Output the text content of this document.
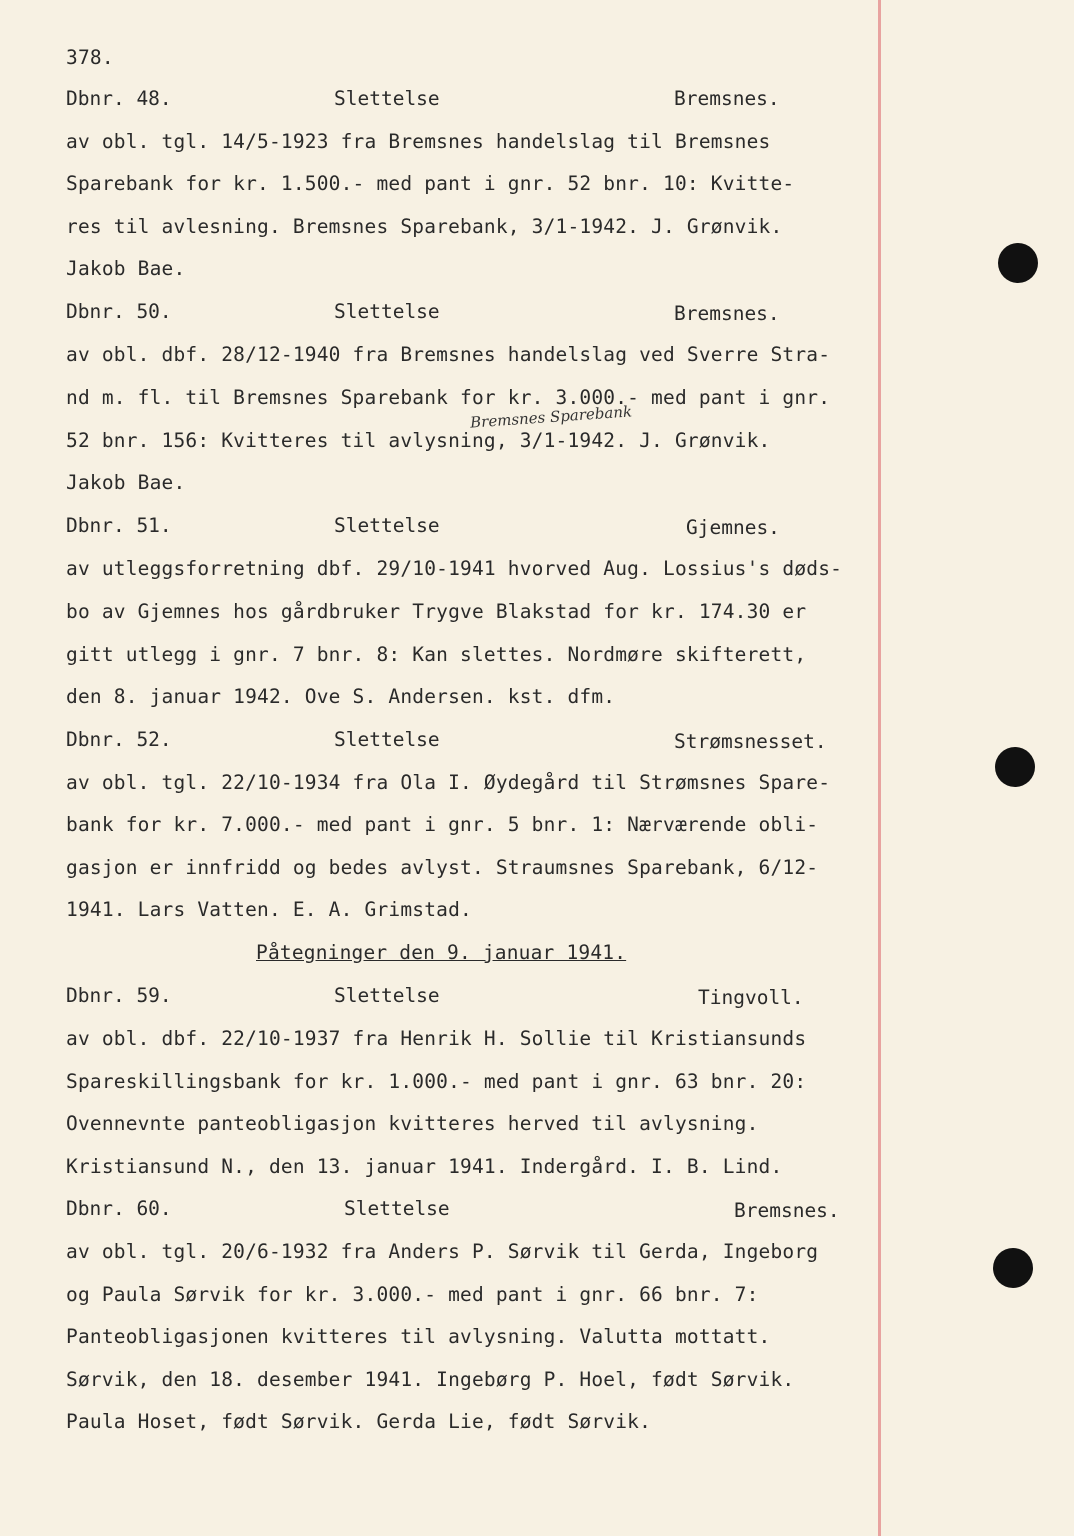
378.
Dbnr. 48.	Slettelse	Bremsnes.
av obl. tgl. 14/5-1923 fra Bremsnes handelslag til Bremsnes
Sparebank for kr. 1.500.- med pant i gnr. 52 bnr. 10: Kvitte-
res til avlesning. Bremsnes Sparebank, 3/1-1942. J. Grønvik.
Jakob Bae.
Dbnr. 50.	Slettelse	Bremsnes.
av obl. dbf. 28/12-1940 fra Bremsnes handelslag ved Sverre Stra-
nd m. fl. til Bremsnes Sparebank for kr. 3.000.- med pant i gnr.
Bremsnes Sparebank
52 bnr. 156: Kvitteres til avlysning, 3/1-1942. J. Grønvik.
Jakob Bae.
Dbnr. 51.	Slettelse	Gjemnes.
av utleggsforretning dbf. 29/10-1941 hvorved Aug. Lossius's døds-
bo av Gjemnes hos gårdbruker Trygve Blakstad for kr. 174.30 er
gitt utlegg i gnr. 7 bnr. 8: Kan slettes. Nordmøre skifterett,
den 8. januar 1942. Ove S. Andersen. kst. dfm.
Dbnr. 52.	Slettelse	Strømsnesset.
av obl. tgl. 22/10-1934 fra Ola I. Øydegård til Strømsnes Spare-
bank for kr. 7.000.- med pant i gnr. 5 bnr. 1: Nærværende obli-
gasjon er innfridd og bedes avlyst. Straumsnes Sparebank, 6/12-
1941. Lars Vatten. E. A. Grimstad.
Påtegninger den 9. januar 1941.
Dbnr. 59.	Slettelse	Tingvoll.
av obl. dbf. 22/10-1937 fra Henrik H. Sollie til Kristiansunds
Spareskillingsbank for kr. 1.000.- med pant i gnr. 63 bnr. 20:
Ovennevnte panteobligasjon kvitteres herved til avlysning.
Kristiansund N., den 13. januar 1941. Indergård. I. B. Lind.
Dbnr. 60.	Slettelse	Bremsnes.
av obl. tgl. 20/6-1932 fra Anders P. Sørvik til Gerda, Ingeborg
og Paula Sørvik for kr. 3.000.- med pant i gnr. 66 bnr. 7:
Panteobligasjonen kvitteres til avlysning. Valutta mottatt.
Sørvik, den 18. desember 1941. Ingebørg P. Hoel, født Sørvik.
Paula Hoset, født Sørvik. Gerda Lie, født Sørvik.
